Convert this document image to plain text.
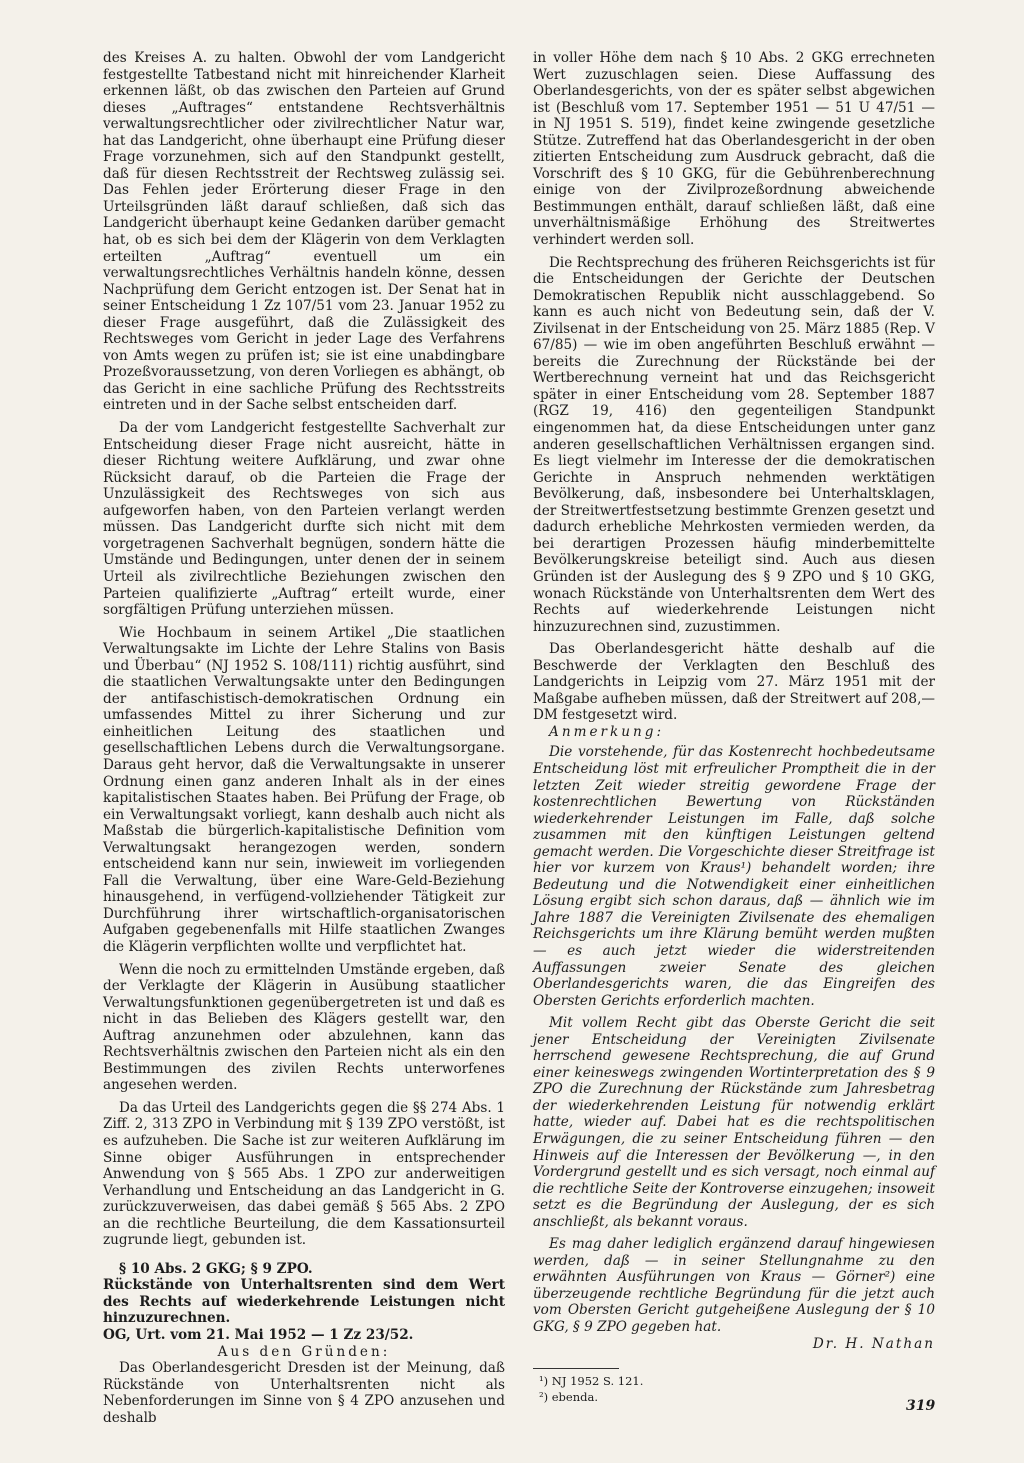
des Kreises A. zu halten. Obwohl der vom Landgericht festgestellte Tatbestand nicht mit hinreichender Klarheit erkennen läßt, ob das zwischen den Parteien auf Grund dieses „Auftrages“ entstandene Rechtsverhältnis verwaltungsrechtlicher oder zivilrechtlicher Natur war, hat das Landgericht, ohne überhaupt eine Prüfung dieser Frage vorzunehmen, sich auf den Standpunkt gestellt, daß für diesen Rechtsstreit der Rechtsweg zulässig sei. Das Fehlen jeder Erörterung dieser Frage in den Urteilsgründen läßt darauf schließen, daß sich das Landgericht überhaupt keine Gedanken darüber gemacht hat, ob es sich bei dem der Klägerin von dem Verklagten erteilten „Auftrag“ eventuell um ein verwaltungsrechtliches Verhältnis handeln könne, dessen Nachprüfung dem Gericht entzogen ist. Der Senat hat in seiner Entscheidung 1 Zz 107/51 vom 23. Januar 1952 zu dieser Frage ausgeführt, daß die Zulässigkeit des Rechtsweges vom Gericht in jeder Lage des Verfahrens von Amts wegen zu prüfen ist; sie ist eine unabdingbare Prozeßvoraussetzung, von deren Vorliegen es abhängt, ob das Gericht in eine sachliche Prüfung des Rechtsstreits eintreten und in der Sache selbst entscheiden darf.

Da der vom Landgericht festgestellte Sachverhalt zur Entscheidung dieser Frage nicht ausreicht, hätte in dieser Richtung weitere Aufklärung, und zwar ohne Rücksicht darauf, ob die Parteien die Frage der Unzulässigkeit des Rechtsweges von sich aus aufgeworfen haben, von den Parteien verlangt werden müssen. Das Landgericht durfte sich nicht mit dem vorgetragenen Sachverhalt begnügen, sondern hätte die Umstände und Bedingungen, unter denen der in seinem Urteil als zivilrechtliche Beziehungen zwischen den Parteien qualifizierte „Auftrag“ erteilt wurde, einer sorgfältigen Prüfung unterziehen müssen.

Wie Hochbaum in seinem Artikel „Die staatlichen Verwaltungsakte im Lichte der Lehre Stalins von Basis und Überbau“ (NJ 1952 S. 108/111) richtig ausführt, sind die staatlichen Verwaltungsakte unter den Bedingungen der antifaschistisch-demokratischen Ordnung ein umfassendes Mittel zu ihrer Sicherung und zur einheitlichen Leitung des staatlichen und gesellschaftlichen Lebens durch die Verwaltungsorgane. Daraus geht hervor, daß die Verwaltungsakte in unserer Ordnung einen ganz anderen Inhalt als in der eines kapitalistischen Staates haben. Bei Prüfung der Frage, ob ein Verwaltungsakt vorliegt, kann deshalb auch nicht als Maßstab die bürgerlich-kapitalistische Definition vom Verwaltungsakt herangezogen werden, sondern entscheidend kann nur sein, inwieweit im vorliegenden Fall die Verwaltung, über eine Ware-Geld-Beziehung hinausgehend, in verfügend-vollziehender Tätigkeit zur Durchführung ihrer wirtschaftlich-organisatorischen Aufgaben gegebenenfalls mit Hilfe staatlichen Zwanges die Klägerin verpflichten wollte und verpflichtet hat.

Wenn die noch zu ermittelnden Umstände ergeben, daß der Verklagte der Klägerin in Ausübung staatlicher Verwaltungsfunktionen gegenübergetreten ist und daß es nicht in das Belieben des Klägers gestellt war, den Auftrag anzunehmen oder abzulehnen, kann das Rechtsverhältnis zwischen den Parteien nicht als ein den Bestimmungen des zivilen Rechts unterworfenes angesehen werden.

Da das Urteil des Landgerichts gegen die §§ 274 Abs. 1 Ziff. 2, 313 ZPO in Verbindung mit § 139 ZPO verstößt, ist es aufzuheben. Die Sache ist zur weiteren Aufklärung im Sinne obiger Ausführungen in entsprechender Anwendung von § 565 Abs. 1 ZPO zur anderweitigen Verhandlung und Entscheidung an das Landgericht in G. zurückzuverweisen, das dabei gemäß § 565 Abs. 2 ZPO an die rechtliche Beurteilung, die dem Kassationsurteil zugrunde liegt, gebunden ist.

§ 10 Abs. 2 GKG; § 9 ZPO.

Rückstände von Unterhaltsrenten sind dem Wert des Rechts auf wiederkehrende Leistungen nicht hinzuzurechnen.

OG, Urt. vom 21. Mai 1952 — 1 Zz 23/52.

Aus den Gründen:

Das Oberlandesgericht Dresden ist der Meinung, daß Rückstände von Unterhaltsrenten nicht als Nebenforderungen im Sinne von § 4 ZPO anzusehen und deshalb

in voller Höhe dem nach § 10 Abs. 2 GKG errechneten Wert zuzuschlagen seien. Diese Auffassung des Oberlandesgerichts, von der es später selbst abgewichen ist (Beschluß vom 17. September 1951 — 51 U 47/51 — in NJ 1951 S. 519), findet keine zwingende gesetzliche Stütze. Zutreffend hat das Oberlandesgericht in der oben zitierten Entscheidung zum Ausdruck gebracht, daß die Vorschrift des § 10 GKG, für die Gebührenberechnung einige von der Zivilprozeßordnung abweichende Bestimmungen enthält, darauf schließen läßt, daß eine unverhältnismäßige Erhöhung des Streitwertes verhindert werden soll.

Die Rechtsprechung des früheren Reichsgerichts ist für die Entscheidungen der Gerichte der Deutschen Demokratischen Republik nicht ausschlaggebend. So kann es auch nicht von Bedeutung sein, daß der V. Zivilsenat in der Entscheidung von 25. März 1885 (Rep. V 67/85) — wie im oben angeführten Beschluß erwähnt — bereits die Zurechnung der Rückstände bei der Wertberechnung verneint hat und das Reichsgericht später in einer Entscheidung vom 28. September 1887 (RGZ 19, 416) den gegenteiligen Standpunkt eingenommen hat, da diese Entscheidungen unter ganz anderen gesellschaftlichen Verhältnissen ergangen sind. Es liegt vielmehr im Interesse der die demokratischen Gerichte in Anspruch nehmenden werktätigen Bevölkerung, daß, insbesondere bei Unterhaltsklagen, der Streitwertfestsetzung bestimmte Grenzen gesetzt und dadurch erhebliche Mehrkosten vermieden werden, da bei derartigen Prozessen häufig minderbemittelte Bevölkerungskreise beteiligt sind. Auch aus diesen Gründen ist der Auslegung des § 9 ZPO und § 10 GKG, wonach Rückstände von Unterhaltsrenten dem Wert des Rechts auf wiederkehrende Leistungen nicht hinzuzurechnen sind, zuzustimmen.

Das Oberlandesgericht hätte deshalb auf die Beschwerde der Verklagten den Beschluß des Landgerichts in Leipzig vom 27. März 1951 mit der Maßgabe aufheben müssen, daß der Streitwert auf 208,— DM festgesetzt wird.

Anmerkung:

Die vorstehende, für das Kostenrecht hochbedeutsame Entscheidung löst mit erfreulicher Promptheit die in der letzten Zeit wieder streitig gewordene Frage der kostenrechtlichen Bewertung von Rückständen wiederkehrender Leistungen im Falle, daß solche zusammen mit den künftigen Leistungen geltend gemacht werden. Die Vorgeschichte dieser Streitfrage ist hier vor kurzem von Kraus¹) behandelt worden; ihre Bedeutung und die Notwendigkeit einer einheitlichen Lösung ergibt sich schon daraus, daß — ähnlich wie im Jahre 1887 die Vereinigten Zivilsenate des ehemaligen Reichsgerichts um ihre Klärung bemüht werden mußten — es auch jetzt wieder die widerstreitenden Auffassungen zweier Senate des gleichen Oberlandesgerichts waren, die das Eingreifen des Obersten Gerichts erforderlich machten.

Mit vollem Recht gibt das Oberste Gericht die seit jener Entscheidung der Vereinigten Zivilsenate herrschend gewesene Rechtsprechung, die auf Grund einer keineswegs zwingenden Wortinterpretation des § 9 ZPO die Zurechnung der Rückstände zum Jahresbetrag der wiederkehrenden Leistung für notwendig erklärt hatte, wieder auf. Dabei hat es die rechtspolitischen Erwägungen, die zu seiner Entscheidung führen — den Hinweis auf die Interessen der Bevölkerung —, in den Vordergrund gestellt und es sich versagt, noch einmal auf die rechtliche Seite der Kontroverse einzugehen; insoweit setzt es die Begründung der Auslegung, der es sich anschließt, als bekannt voraus.

Es mag daher lediglich ergänzend darauf hingewiesen werden, daß — in seiner Stellungnahme zu den erwähnten Ausführungen von Kraus — Görner²) eine überzeugende rechtliche Begründung für die jetzt auch vom Obersten Gericht gutgeheißene Auslegung der § 10 GKG, § 9 ZPO gegeben hat.

Dr. H. Nathan

¹) NJ 1952 S. 121.

²) ebenda.

319
